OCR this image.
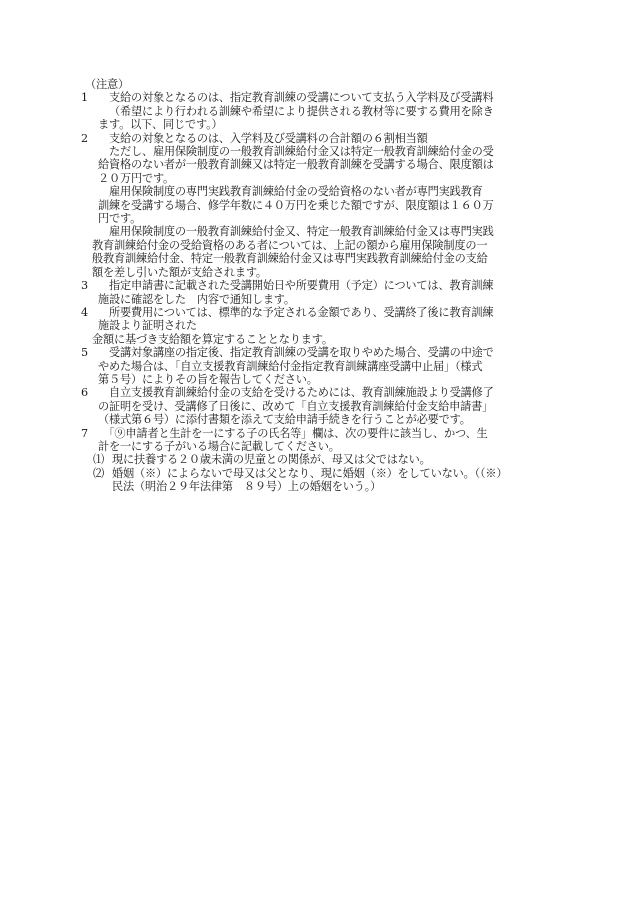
（注意）
1 　支給の対象となるのは、指定教育訓練の受講について支払う入学料及び受講料
（希望により行われる訓練や希望により提供される教材等に要する費用を除き
ます。以下、同じです。）
2 　支給の対象となるのは、入学料及び受講料の合計額の６割相当額
　ただし、雇用保険制度の一般教育訓練給付金又は特定一般教育訓練給付金の受
給資格のない者が一般教育訓練又は特定一般教育訓練を受講する場合、限度額は
２０万円です。
　雇用保険制度の専門実践教育訓練給付金の受給資格のない者が専門実践教育
訓練を受講する場合、修学年数に４０万円を乗じた額ですが、限度額は１６０万
円です。
　雇用保険制度の一般教育訓練給付金又、特定一般教育訓練給付金又は専門実践
教育訓練給付金の受給資格のある者については、上記の額から雇用保険制度の一
般教育訓練給付金、特定一般教育訓練給付金又は専門実践教育訓練給付金の支給
額を差し引いた額が支給されます。
3 　指定申請書に記載された受講開始日や所要費用（予定）については、教育訓練
施設に確認をした　内容で通知します。
4 　所要費用については、標準的な予定される金額であり、受講終了後に教育訓練
施設より証明された
金額に基づき支給額を算定することとなります。
5 　受講対象講座の指定後、指定教育訓練の受講を取りやめた場合、受講の中途で
やめた場合は、「自立支援教育訓練給付金指定教育訓練講座受講中止届」（様式
第５号）によりその旨を報告してください。
6 　自立支援教育訓練給付金の支給を受けるためには、教育訓練施設より受講修了
の証明を受け、受講修了日後に、改めて「自立支援教育訓練給付金支給申請書」
（様式第６号）に添付書類を添えて支給申請手続きを行うことが必要です。
7 　「⑨申請者と生計を一にする子の氏名等」欄は、次の要件に該当し、かつ、生
計を一にする子がいる場合に記載してください。
⑴ 現に扶養する２０歳未満の児童との関係が、母又は父ではない。
⑵ 婚姻（※）によらないで母又は父となり、現に婚姻（※）をしていない。（（※）
民法（明治２９年法律第　８９号）上の婚姻をいう。）
